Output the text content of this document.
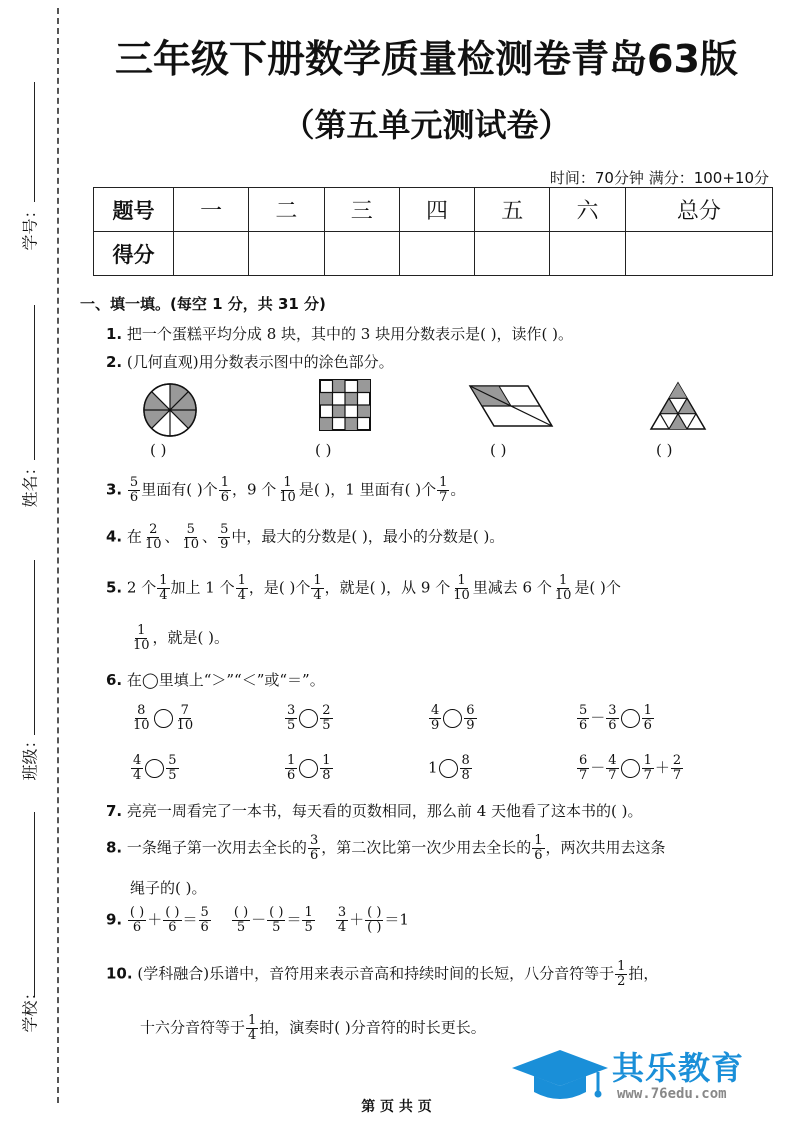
学号：
姓名：
班级：
学校：
三年级下册数学质量检测卷青岛63版
（第五单元测试卷）
时间：70分钟 满分：100+10分
题号	一	二	三	四	五	六	总分
得分							
一、填一填。(每空 1 分，共 31 分)
1. 把一个蛋糕平均分成 8 块，其中的 3 块用分数表示是( )，读作( )。
2. (几何直观)用分数表示图中的涂色部分。
( )	( )	( )	( )
3. $\frac{5}{6}$ 里面有( )个 $\frac{1}{6}$ ，9 个 $\frac{1}{10}$ 是( )，1 里面有( )个 $\frac{1}{7}$ 。
4. 在 $\frac{2}{10}$ 、 $\frac{5}{10}$ 、 $\frac{5}{9}$ 中，最大的分数是( )，最小的分数是( )。
5. 2 个 $\frac{1}{4}$ 加上 1 个 $\frac{1}{4}$ ，是( )个 $\frac{1}{4}$ ，就是( )，从 9 个 $\frac{1}{10}$ 里减去 6 个 $\frac{1}{10}$ 是( )个
$\frac{1}{10}$ ，就是( )。
6. 在◯里填上“＞”“＜”或“＝”。
$\frac{8}{10} \frac{7}{10}$	$\frac{3}{5} \frac{2}{5}$	$\frac{4}{9} \frac{6}{9}$	$\frac{5}{6} - \frac{3}{6} \frac{1}{6}$
$\frac{4}{4} \frac{5}{5}$	$\frac{1}{6} \frac{1}{8}$	$1 \frac{8}{8}$	$\frac{6}{7} - \frac{4}{7} \frac{1}{7} + \frac{2}{7}$
7. 亮亮一周看完了一本书，每天看的页数相同，那么前 4 天他看了这本书的( )。
8. 一条绳子第一次用去全长的 $\frac{3}{6}$ ，第二次比第一次少用去全长的 $\frac{1}{6}$ ，两次共用去这条
绳子的( )。
9. $\frac{( )}{6} + \frac{( )}{6} = \frac{5}{6}$
$\frac{( )}{5} - \frac{( )}{5} = \frac{1}{5}$
$\frac{3}{4} + \frac{( )}{( )} =1$
10. (学科融合)乐谱中，音符用来表示音高和持续时间的长短，八分音符等于 $\frac{1}{2}$ 拍，
十六分音符等于 $\frac{1}{4}$ 拍，演奏时( )分音符的时长更长。
其乐教育
www.76edu.com
第 页 共 页
